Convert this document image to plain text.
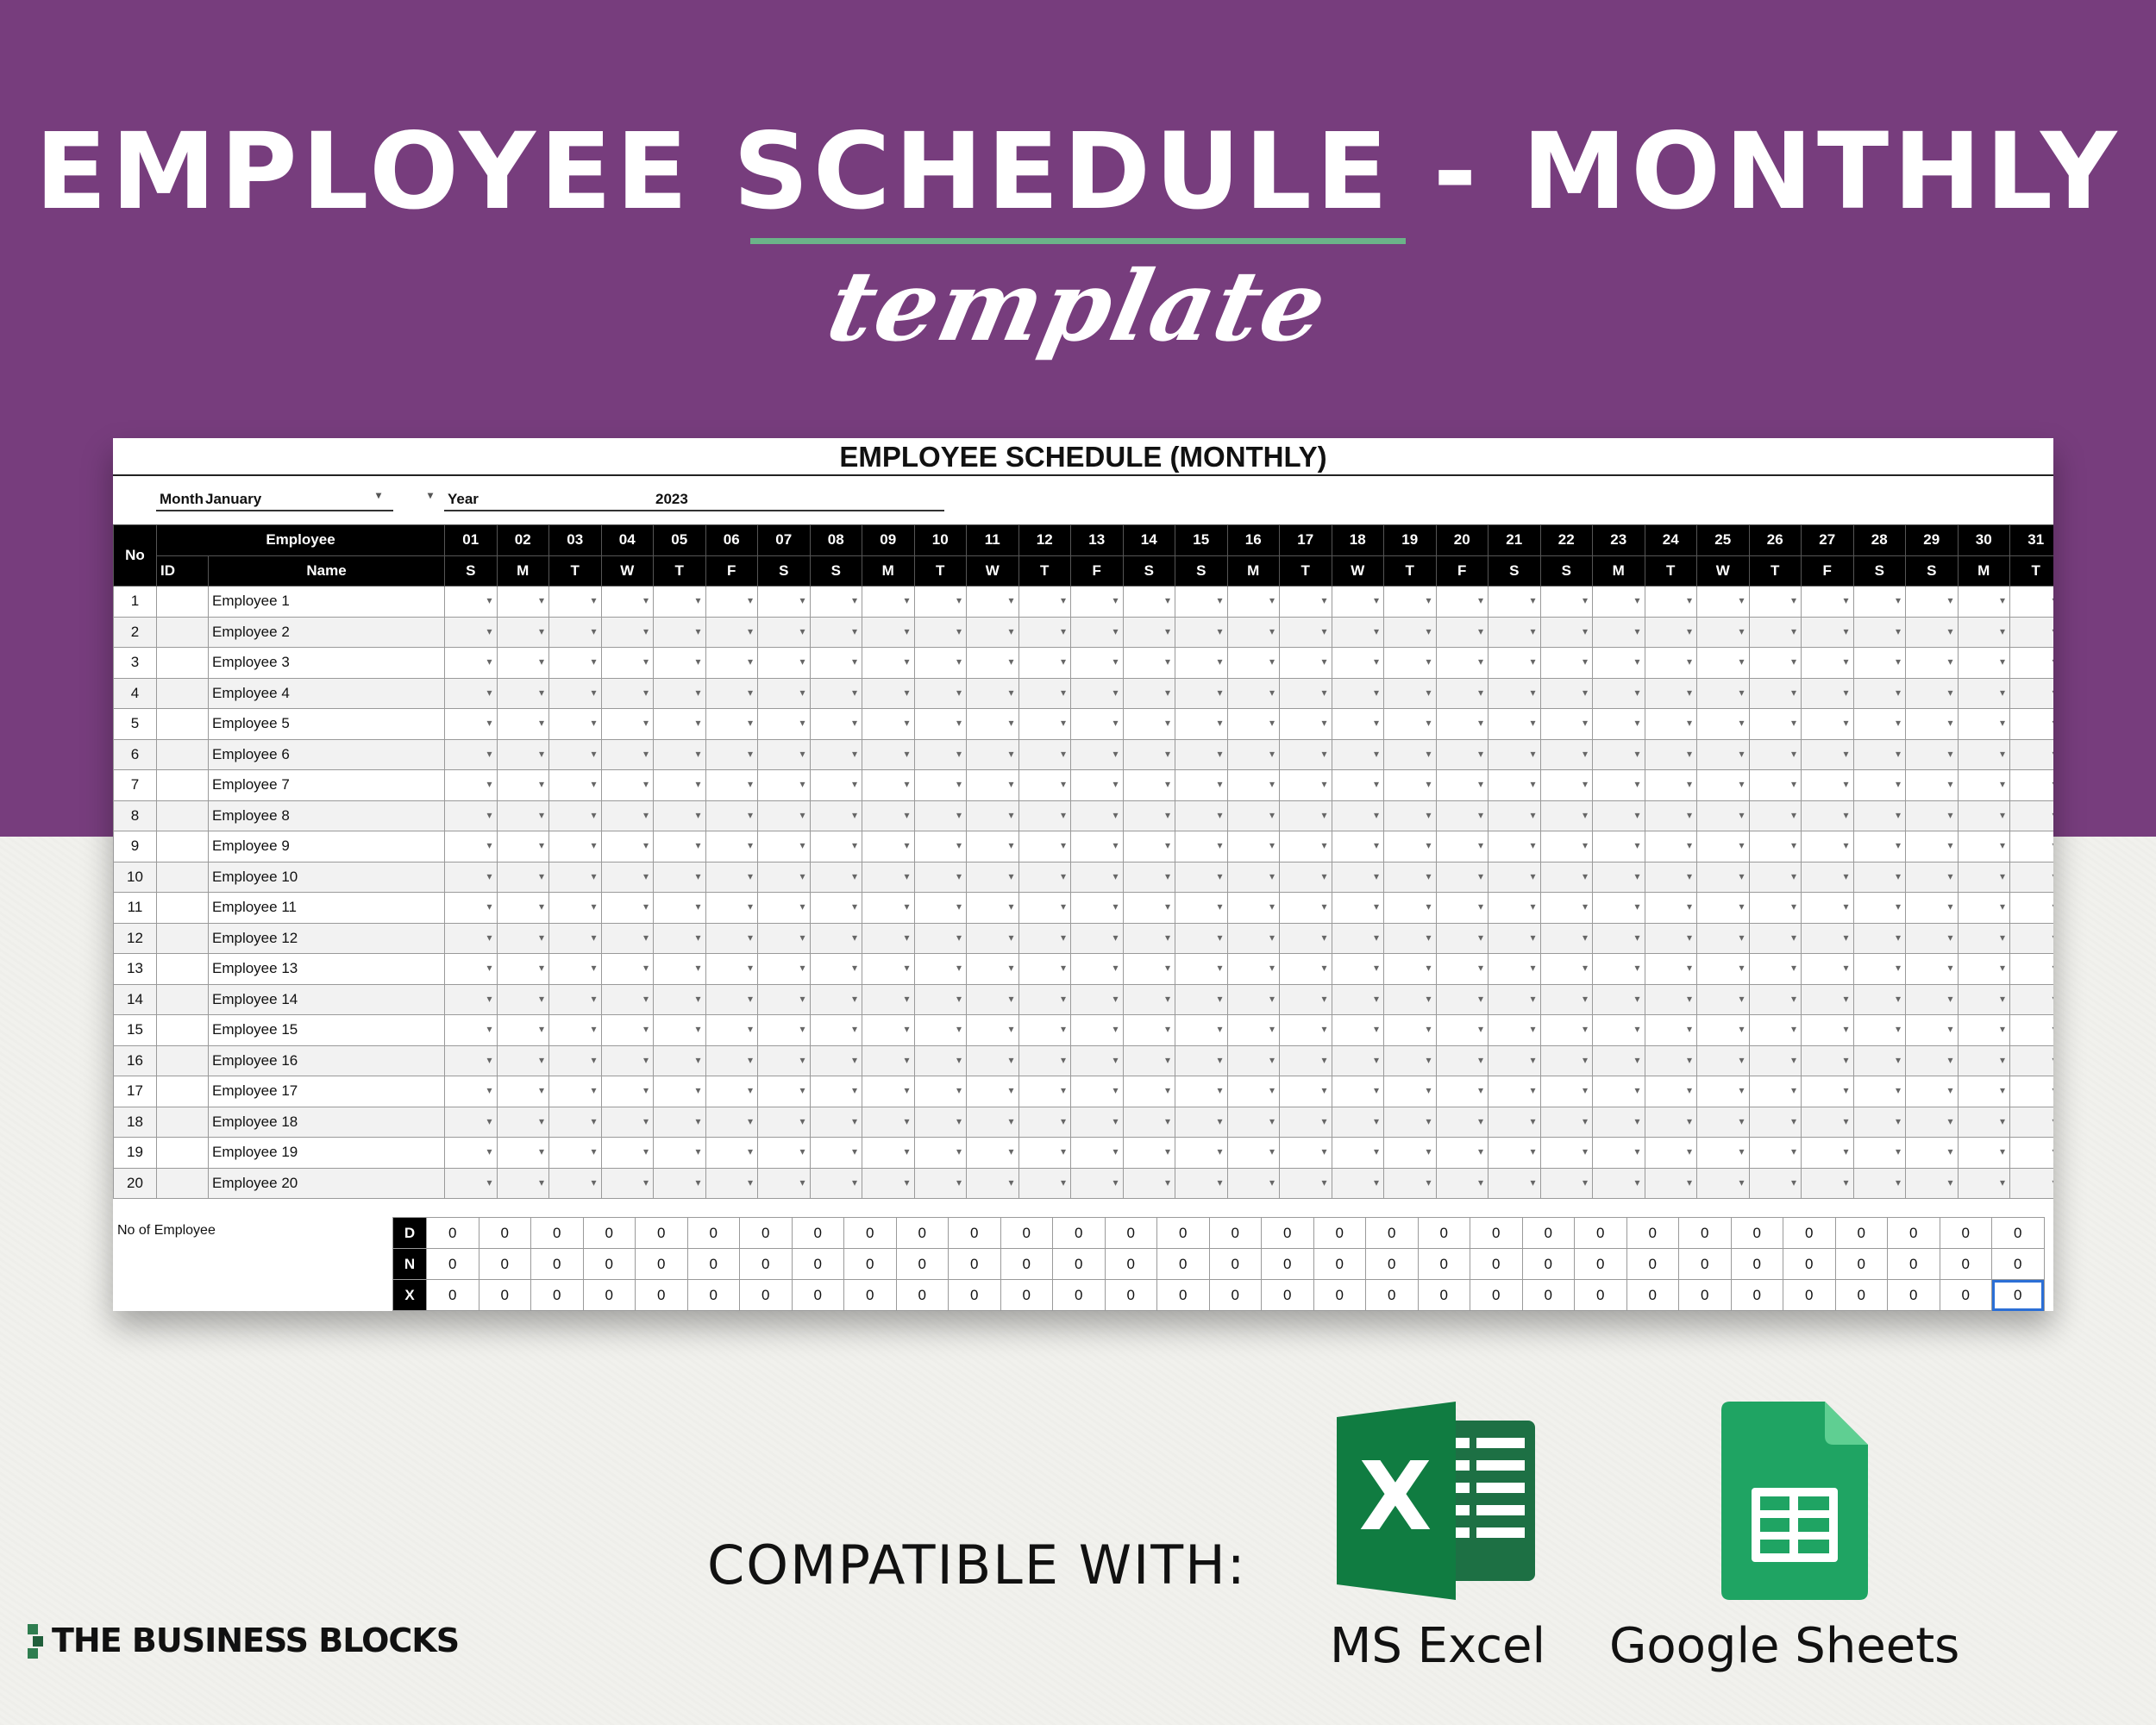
EMPLOYEE SCHEDULE - MONTHLY
template
EMPLOYEE SCHEDULE (MONTHLY)
Month January	▾	▾ Year	2023
No	Employee	01	02	03	04	05	06	07	08	09	10	11	12	13	14	15	16	17	18	19	20	21	22	23	24	25	26	27	28	29	30	31
ID	Name	S	M	T	W	T	F	S	S	M	T	W	T	F	S	S	M	T	W	T	F	S	S	M	T	W	T	F	S	S	M	T
1		Employee 1	▾	▾	▾	▾	▾	▾	▾	▾	▾	▾	▾	▾	▾	▾	▾	▾	▾	▾	▾	▾	▾	▾	▾	▾	▾	▾	▾	▾	▾	▾	▾
2		Employee 2	▾	▾	▾	▾	▾	▾	▾	▾	▾	▾	▾	▾	▾	▾	▾	▾	▾	▾	▾	▾	▾	▾	▾	▾	▾	▾	▾	▾	▾	▾	▾
3		Employee 3	▾	▾	▾	▾	▾	▾	▾	▾	▾	▾	▾	▾	▾	▾	▾	▾	▾	▾	▾	▾	▾	▾	▾	▾	▾	▾	▾	▾	▾	▾	▾
4		Employee 4	▾	▾	▾	▾	▾	▾	▾	▾	▾	▾	▾	▾	▾	▾	▾	▾	▾	▾	▾	▾	▾	▾	▾	▾	▾	▾	▾	▾	▾	▾	▾
5		Employee 5	▾	▾	▾	▾	▾	▾	▾	▾	▾	▾	▾	▾	▾	▾	▾	▾	▾	▾	▾	▾	▾	▾	▾	▾	▾	▾	▾	▾	▾	▾	▾
6		Employee 6	▾	▾	▾	▾	▾	▾	▾	▾	▾	▾	▾	▾	▾	▾	▾	▾	▾	▾	▾	▾	▾	▾	▾	▾	▾	▾	▾	▾	▾	▾	▾
7		Employee 7	▾	▾	▾	▾	▾	▾	▾	▾	▾	▾	▾	▾	▾	▾	▾	▾	▾	▾	▾	▾	▾	▾	▾	▾	▾	▾	▾	▾	▾	▾	▾
8		Employee 8	▾	▾	▾	▾	▾	▾	▾	▾	▾	▾	▾	▾	▾	▾	▾	▾	▾	▾	▾	▾	▾	▾	▾	▾	▾	▾	▾	▾	▾	▾	▾
9		Employee 9	▾	▾	▾	▾	▾	▾	▾	▾	▾	▾	▾	▾	▾	▾	▾	▾	▾	▾	▾	▾	▾	▾	▾	▾	▾	▾	▾	▾	▾	▾	▾
10		Employee 10	▾	▾	▾	▾	▾	▾	▾	▾	▾	▾	▾	▾	▾	▾	▾	▾	▾	▾	▾	▾	▾	▾	▾	▾	▾	▾	▾	▾	▾	▾	▾
11		Employee 11	▾	▾	▾	▾	▾	▾	▾	▾	▾	▾	▾	▾	▾	▾	▾	▾	▾	▾	▾	▾	▾	▾	▾	▾	▾	▾	▾	▾	▾	▾	▾
12		Employee 12	▾	▾	▾	▾	▾	▾	▾	▾	▾	▾	▾	▾	▾	▾	▾	▾	▾	▾	▾	▾	▾	▾	▾	▾	▾	▾	▾	▾	▾	▾	▾
13		Employee 13	▾	▾	▾	▾	▾	▾	▾	▾	▾	▾	▾	▾	▾	▾	▾	▾	▾	▾	▾	▾	▾	▾	▾	▾	▾	▾	▾	▾	▾	▾	▾
14		Employee 14	▾	▾	▾	▾	▾	▾	▾	▾	▾	▾	▾	▾	▾	▾	▾	▾	▾	▾	▾	▾	▾	▾	▾	▾	▾	▾	▾	▾	▾	▾	▾
15		Employee 15	▾	▾	▾	▾	▾	▾	▾	▾	▾	▾	▾	▾	▾	▾	▾	▾	▾	▾	▾	▾	▾	▾	▾	▾	▾	▾	▾	▾	▾	▾	▾
16		Employee 16	▾	▾	▾	▾	▾	▾	▾	▾	▾	▾	▾	▾	▾	▾	▾	▾	▾	▾	▾	▾	▾	▾	▾	▾	▾	▾	▾	▾	▾	▾	▾
17		Employee 17	▾	▾	▾	▾	▾	▾	▾	▾	▾	▾	▾	▾	▾	▾	▾	▾	▾	▾	▾	▾	▾	▾	▾	▾	▾	▾	▾	▾	▾	▾	▾
18		Employee 18	▾	▾	▾	▾	▾	▾	▾	▾	▾	▾	▾	▾	▾	▾	▾	▾	▾	▾	▾	▾	▾	▾	▾	▾	▾	▾	▾	▾	▾	▾	▾
19		Employee 19	▾	▾	▾	▾	▾	▾	▾	▾	▾	▾	▾	▾	▾	▾	▾	▾	▾	▾	▾	▾	▾	▾	▾	▾	▾	▾	▾	▾	▾	▾	▾
20		Employee 20	▾	▾	▾	▾	▾	▾	▾	▾	▾	▾	▾	▾	▾	▾	▾	▾	▾	▾	▾	▾	▾	▾	▾	▾	▾	▾	▾	▾	▾	▾	▾
No of Employee	D	0	0	0	0	0	0	0	0	0	0	0	0	0	0	0	0	0	0	0	0	0	0	0	0	0	0	0	0	0	0	0
N	0	0	0	0	0	0	0	0	0	0	0	0	0	0	0	0	0	0	0	0	0	0	0	0	0	0	0	0	0	0	0
X	0	0	0	0	0	0	0	0	0	0	0	0	0	0	0	0	0	0	0	0	0	0	0	0	0	0	0	0	0	0	0
COMPATIBLE WITH:
X
MS Excel Google Sheets
THE BUSINESS BLOCKS
